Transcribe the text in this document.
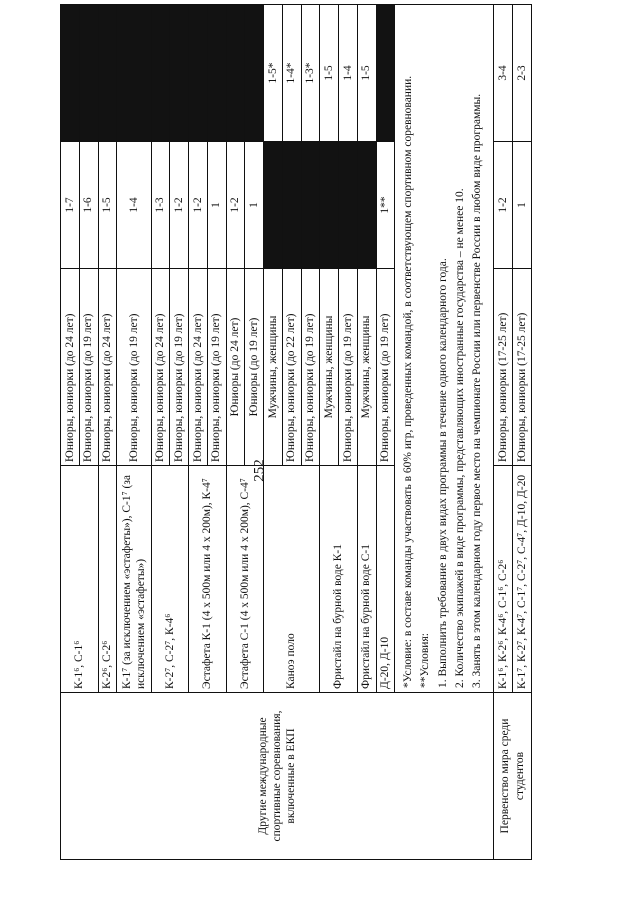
252
Другие международные спортивные соревнования, включенные в ЕКП	К-1⁶, С-1⁶	Юниоры, юниорки (до 24 лет)	1-7	
		Юниоры, юниорки (до 19 лет)	1-6	
	К-2⁶, С-2⁶	Юниоры, юниорки (до 24 лет)	1-5	
	К-1⁷ (за исключением «эстафеты»), С-1⁷ (за исключением «эстафеты»)	Юниоры, юниорки (до 19 лет)	1-4	
	К-2⁷, С-2⁷, К-4⁶	Юниоры, юниорки (до 24 лет)	1-3	
		Юниоры, юниорки (до 19 лет)	1-2	
	Эстафета К-1 (4 х 500м или 4 х 200м), К-4⁷	Юниоры, юниорки (до 24 лет)	1-2	
		Юниоры, юниорки (до 19 лет)	1	
	Эстафета С-1 (4 х 500м или 4 х 200м), С-4⁷	Юниоры (до 24 лет)	1-2	
		Юниоры (до 19 лет)	1	
	Каноэ поло	Мужчины, женщины		1-5*
		Юниоры, юниорки (до 22 лет)		1-4*
		Юниоры, юниорки (до 19 лет)		1-3*
	Фристайл на бурной воде К-1	Мужчины, женщины		1-5
		Юниоры, юниорки (до 19 лет)		1-4
	Фристайл на бурной воде С-1	Мужчины, женщины		1-5
	Д-20, Д-10	Юниоры, юниорки (до 19 лет)	1**	

	*Условие: в составе команды участвовать в 60% игр, проведенных командой, в соответствующем спортивном соревновании. **Условия: 1. Выполнить требование в двух видах программы в течение одного календарного года. 2. Количество экипажей в виде программы, представляющих иностранные государства – не менее 10. 3. Занять в этом календарном году первое место на чемпионате России или первенстве России в любом виде программы.			

Первенство мира среди студентов	К-1⁶, К-2⁶, К-4⁶, С-1⁶, С-2⁶	Юниоры, юниорки (17-25 лет)	1-2	3-4
	К-1⁷, К-2⁷, К-4⁷, С-1⁷, С-2⁷, С-4⁷, Д-10, Д-20	Юниоры, юниорки (17-25 лет)	1	2-3
